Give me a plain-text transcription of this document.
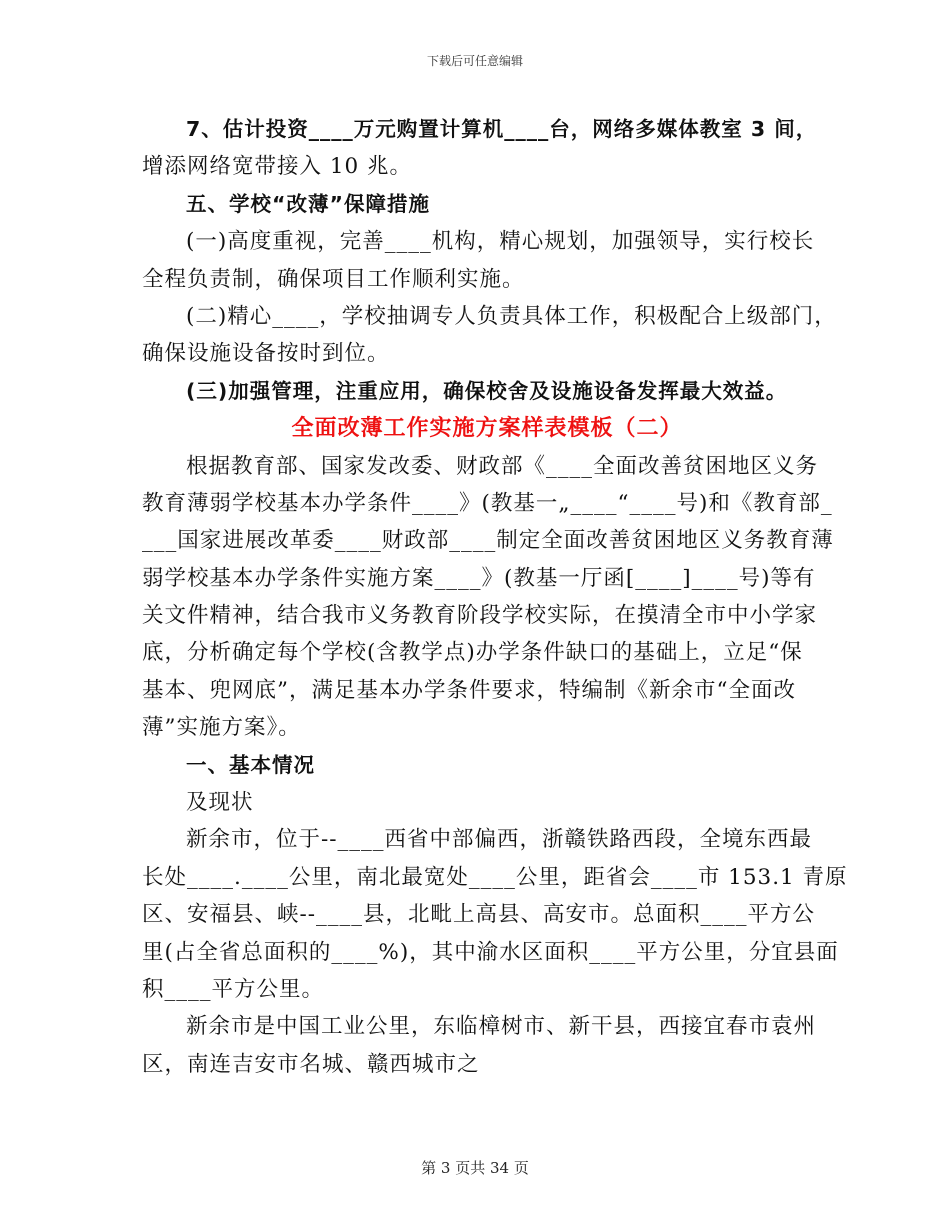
下载后可任意编辑
7、估计投资____万元购置计算机____台，网络多媒体教室 3 间，
增添网络宽带接入 10 兆。
五、学校“改薄”保障措施
(一)高度重视，完善____机构，精心规划，加强领导，实行校长
全程负责制，确保项目工作顺利实施。
(二)精心____，学校抽调专人负责具体工作，积极配合上级部门，
确保设施设备按时到位。
(三)加强管理，注重应用，确保校舍及设施设备发挥最大效益。
全面改薄工作实施方案样表模板（二）
根据教育部、国家发改委、财政部《____全面改善贫困地区义务
教育薄弱学校基本办学条件____》(教基一„____“____号)和《教育部_
___国家进展改革委____财政部____制定全面改善贫困地区义务教育薄
弱学校基本办学条件实施方案____》(教基一厅函[____]____号)等有
关文件精神，结合我市义务教育阶段学校实际，在摸清全市中小学家
底，分析确定每个学校(含教学点)办学条件缺口的基础上，立足“保
基本、兜网底”，满足基本办学条件要求，特编制《新余市“全面改
薄”实施方案》。
一、基本情况
及现状
新余市，位于--____西省中部偏西，浙赣铁路西段，全境东西最
长处____.____公里，南北最宽处____公里，距省会____市 153.1 青原
区、安福县、峡--____县，北毗上高县、高安市。总面积____平方公
里(占全省总面积的____%)，其中渝水区面积____平方公里，分宜县面
积____平方公里。
新余市是中国工业公里，东临樟树市、新干县，西接宜春市袁州
区，南连吉安市名城、赣西城市之
第 3 页共 34 页
